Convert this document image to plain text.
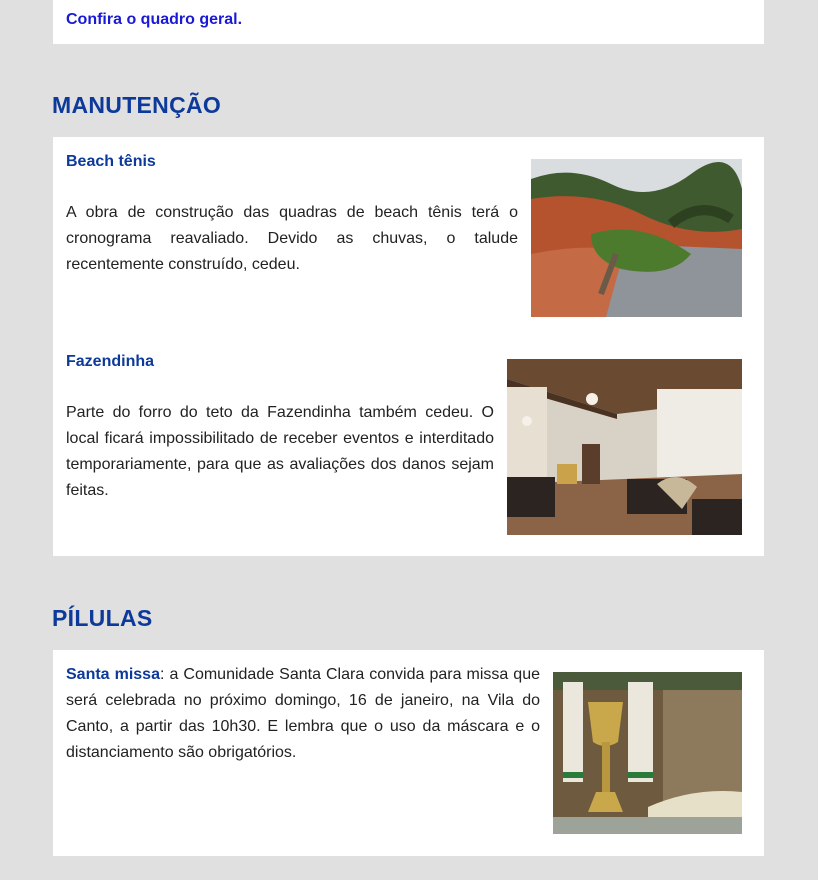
Confira o quadro geral.
MANUTENÇÃO
Beach tênis
A obra de construção das quadras de beach tênis terá o cronograma reavaliado. Devido as chuvas, o talude recentemente construído, cedeu.
Fazendinha
Parte do forro do teto da Fazendinha também cedeu. O local ficará impossibilitado de receber eventos e interditado temporariamente, para que as avaliações dos danos sejam feitas.
PÍLULAS
Santa missa: a Comunidade Santa Clara convida para missa que será celebrada no próximo domingo, 16 de janeiro, na Vila do Canto, a partir das 10h30. E lembra que o uso da máscara e o distanciamento são obrigatórios.
